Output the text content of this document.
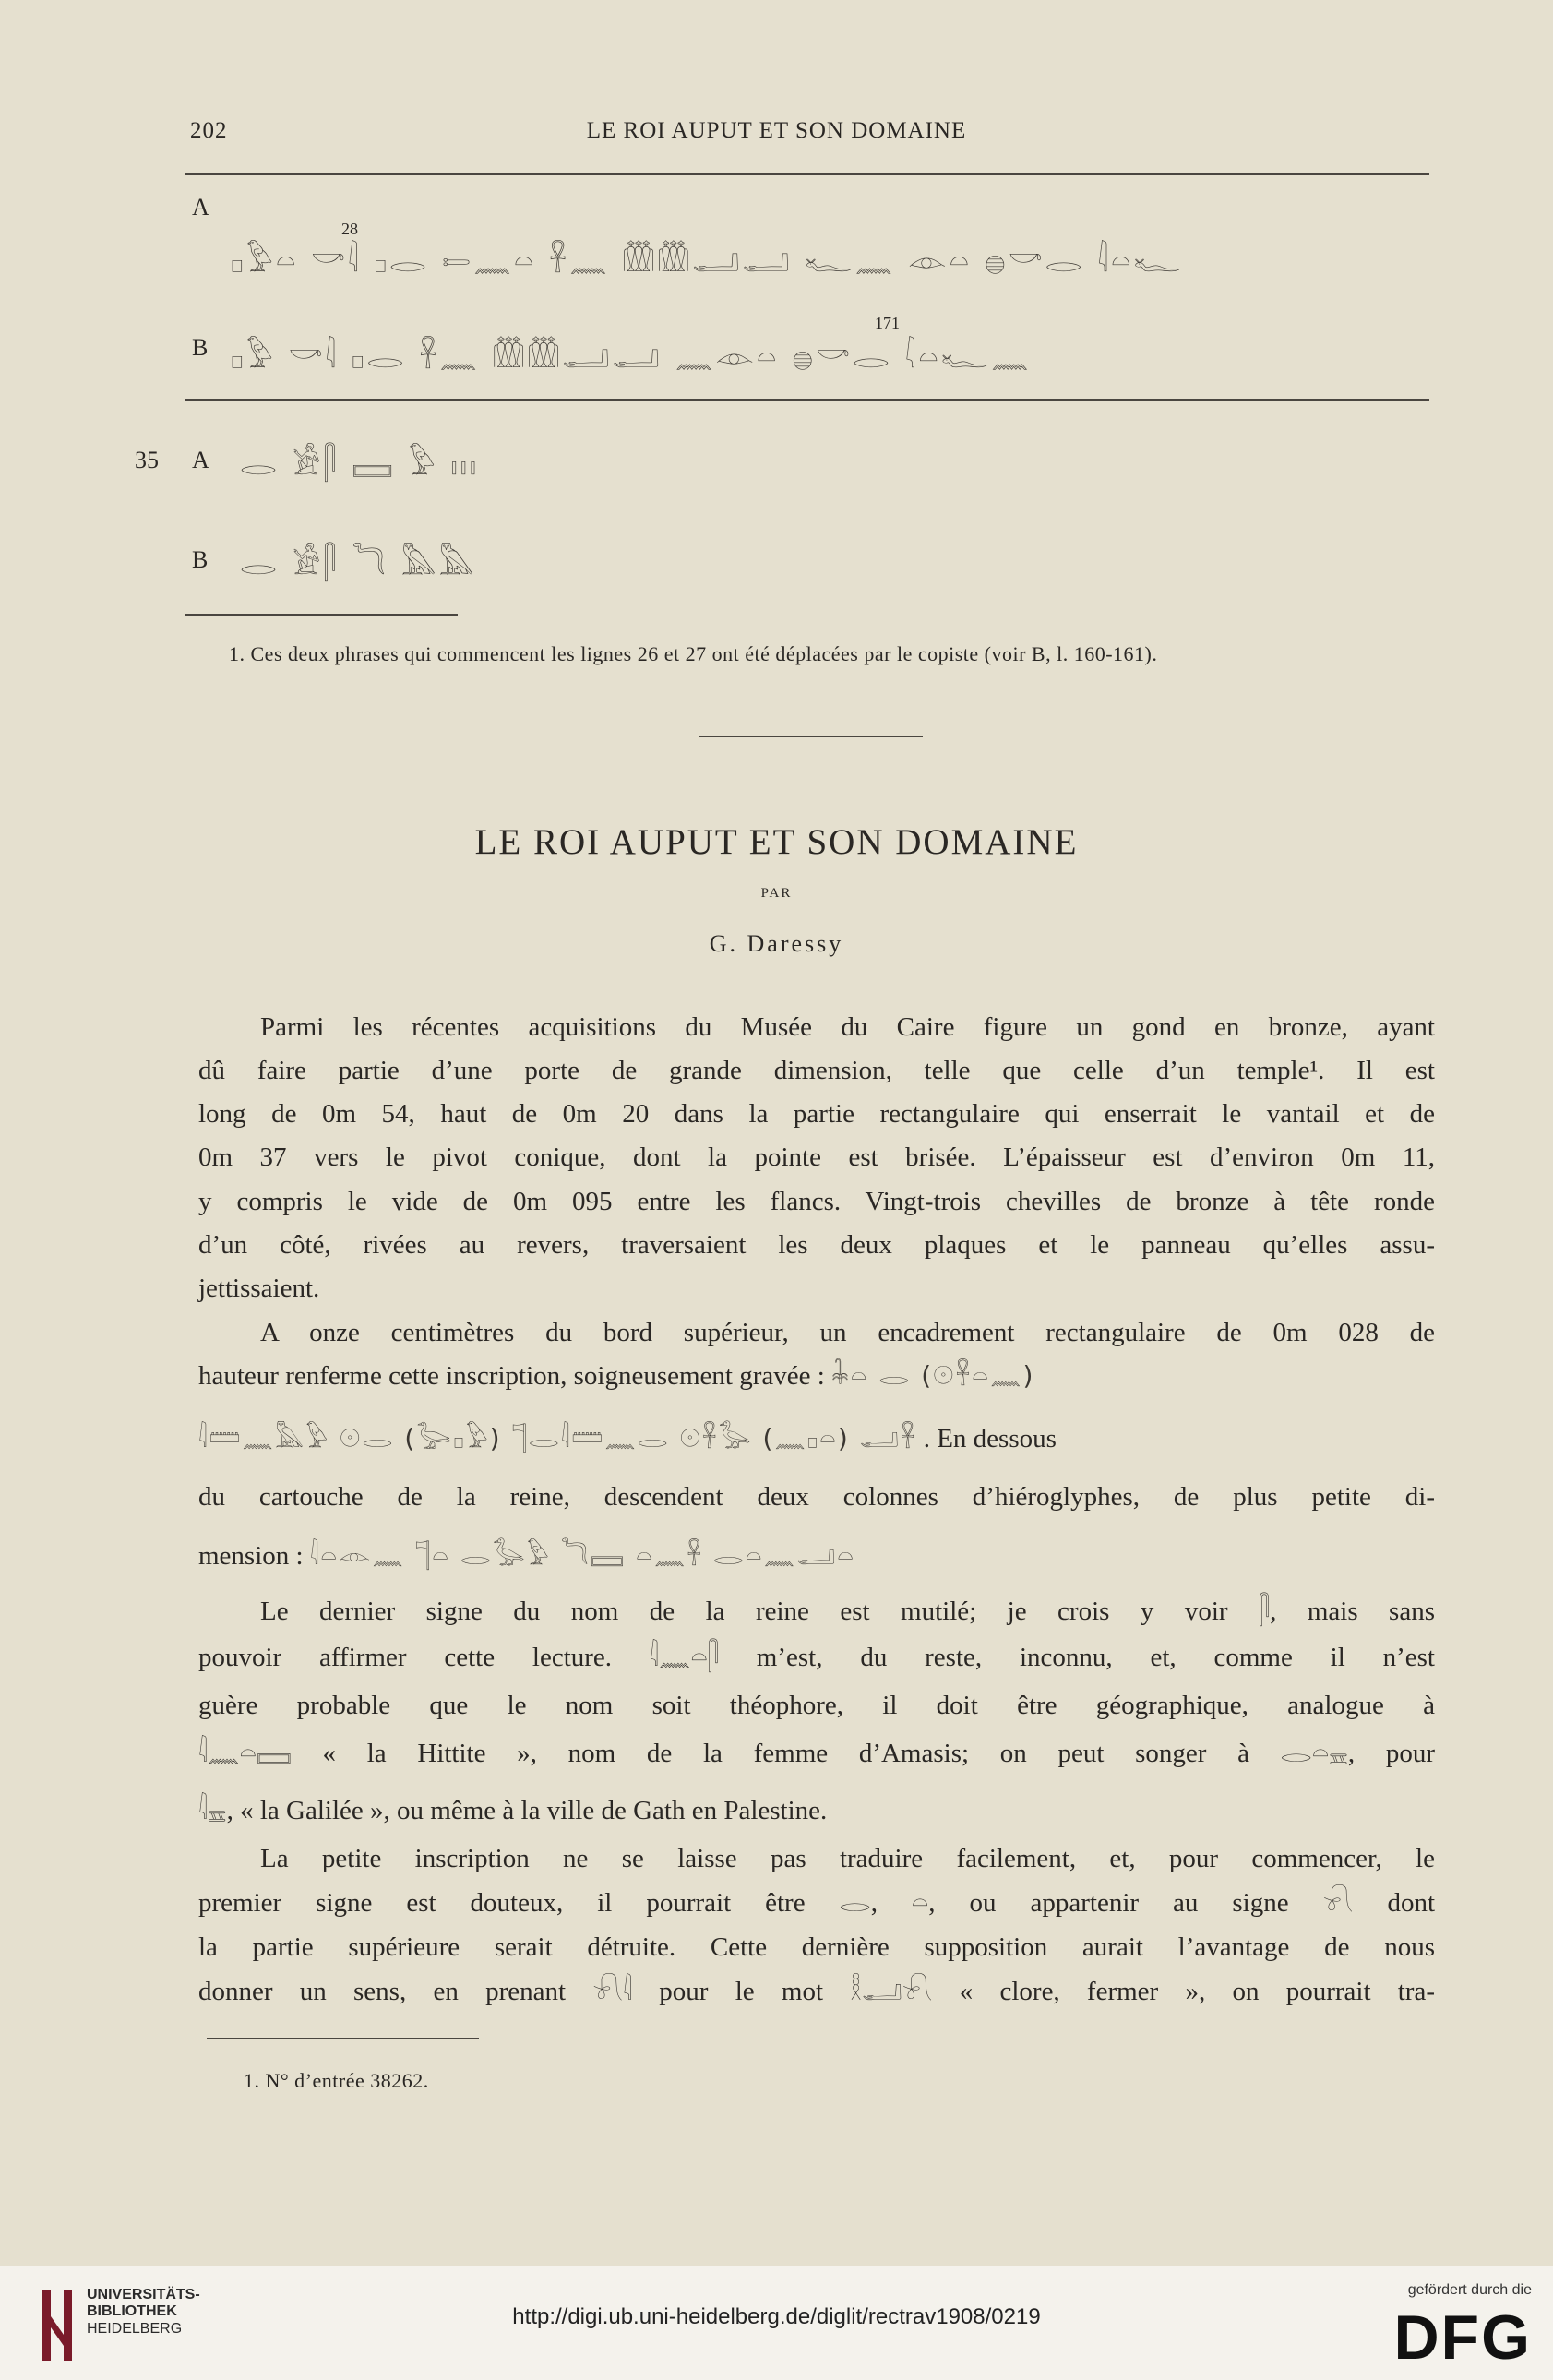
202	LE ROI AUPUT ET SON DOMAINE
A
28
𓊪𓅱𓏏 𓎡𓇋 𓊪𓂋 𓍿𓈖𓏏 𓋹𓈖 𓏃𓏃𓂝𓂝 𓆑𓈖 𓁹𓏏 𓐍𓎡𓂋 𓇋𓏏𓆑
B
171
𓊪𓅱 𓎡𓇋 𓊪𓂋 𓋹𓈖 𓏃𓏃𓂝𓂝 𓈖𓁹𓏏 𓐍𓎡𓂋 𓇋𓏏𓆑𓈖
35 A 𓂋 𓀀𓋴 𓈙 𓅱 𓏤𓏤𓏤
B 𓂋 𓀀𓋴 𓆓 𓅓𓅓
1. Ces deux phrases qui commencent les lignes 26 et 27 ont été déplacées par le copiste (voir B, l. 160-161).
LE ROI AUPUT ET SON DOMAINE
PAR
G. Daressy
Parmi les récentes acquisitions du Musée du Caire figure un gond en bronze, ayant
dû faire partie d’une porte de grande dimension, telle que celle d’un temple¹. Il est
long de 0m 54, haut de 0m 20 dans la partie rectangulaire qui enserrait le vantail et de
0m 37 vers le pivot conique, dont la pointe est brisée. L’épaisseur est d’environ 0m 11,
y compris le vide de 0m 095 entre les flancs. Vingt-trois chevilles de bronze à tête ronde
d’un côté, rivées au revers, traversaient les deux plaques et le panneau qu’elles assu-
jettissaient.
A onze centimètres du bord supérieur, un encadrement rectangulaire de 0m 028 de
hauteur renferme cette inscription, soigneusement gravée : 𓇓𓏏 𓂋 (𓇳𓋹𓏏𓈖)
𓇋𓏠𓈖𓅓𓅱 𓇳𓂋 (𓅬𓊪𓅱) 𓊹𓂋𓇋𓏠𓈖𓂋 𓇳𓋹𓅭 (𓈖𓊪𓏏) 𓂝𓋹 . En dessous
du cartouche de la reine, descendent deux colonnes d’hiéroglyphes, de plus petite di-
mension : 𓇋𓏏𓁹𓈖 𓊹𓏏 𓂋𓅭𓅱 𓆓𓈙 𓏏𓈖𓋹 𓂋𓏏𓈖𓂝𓏏
Le dernier signe du nom de la reine est mutilé; je crois y voir 𓋴, mais sans
pouvoir affirmer cette lecture. 𓇋𓈖𓏏𓋴 m’est, du reste, inconnu, et, comme il n’est
guère probable que le nom soit théophore, il doit être géographique, analogue à
𓇋𓈖𓏏𓈙 « la Hittite », nom de la femme d’Amasis; on peut songer à 𓂋𓏏𓈇, pour
𓇋𓈇, « la Galilée », ou même à la ville de Gath en Palestine.
La petite inscription ne se laisse pas traduire facilement, et, pour commencer, le
premier signe est douteux, il pourrait être 𓂋, 𓏏, ou appartenir au signe 𓍯 dont
la partie supérieure serait détruite. Cette dernière supposition aurait l’avantage de nous
donner un sens, en prenant 𓍯𓇋 pour le mot 𓎛𓂝𓍯 « clore, fermer », on pourrait tra-
1. N° d’entrée 38262.
UNIVERSITÄTS-
BIBLIOTHEK
HEIDELBERG	http://digi.ub.uni-heidelberg.de/diglit/rectrav1908/0219
gefördert durch die
DFG
